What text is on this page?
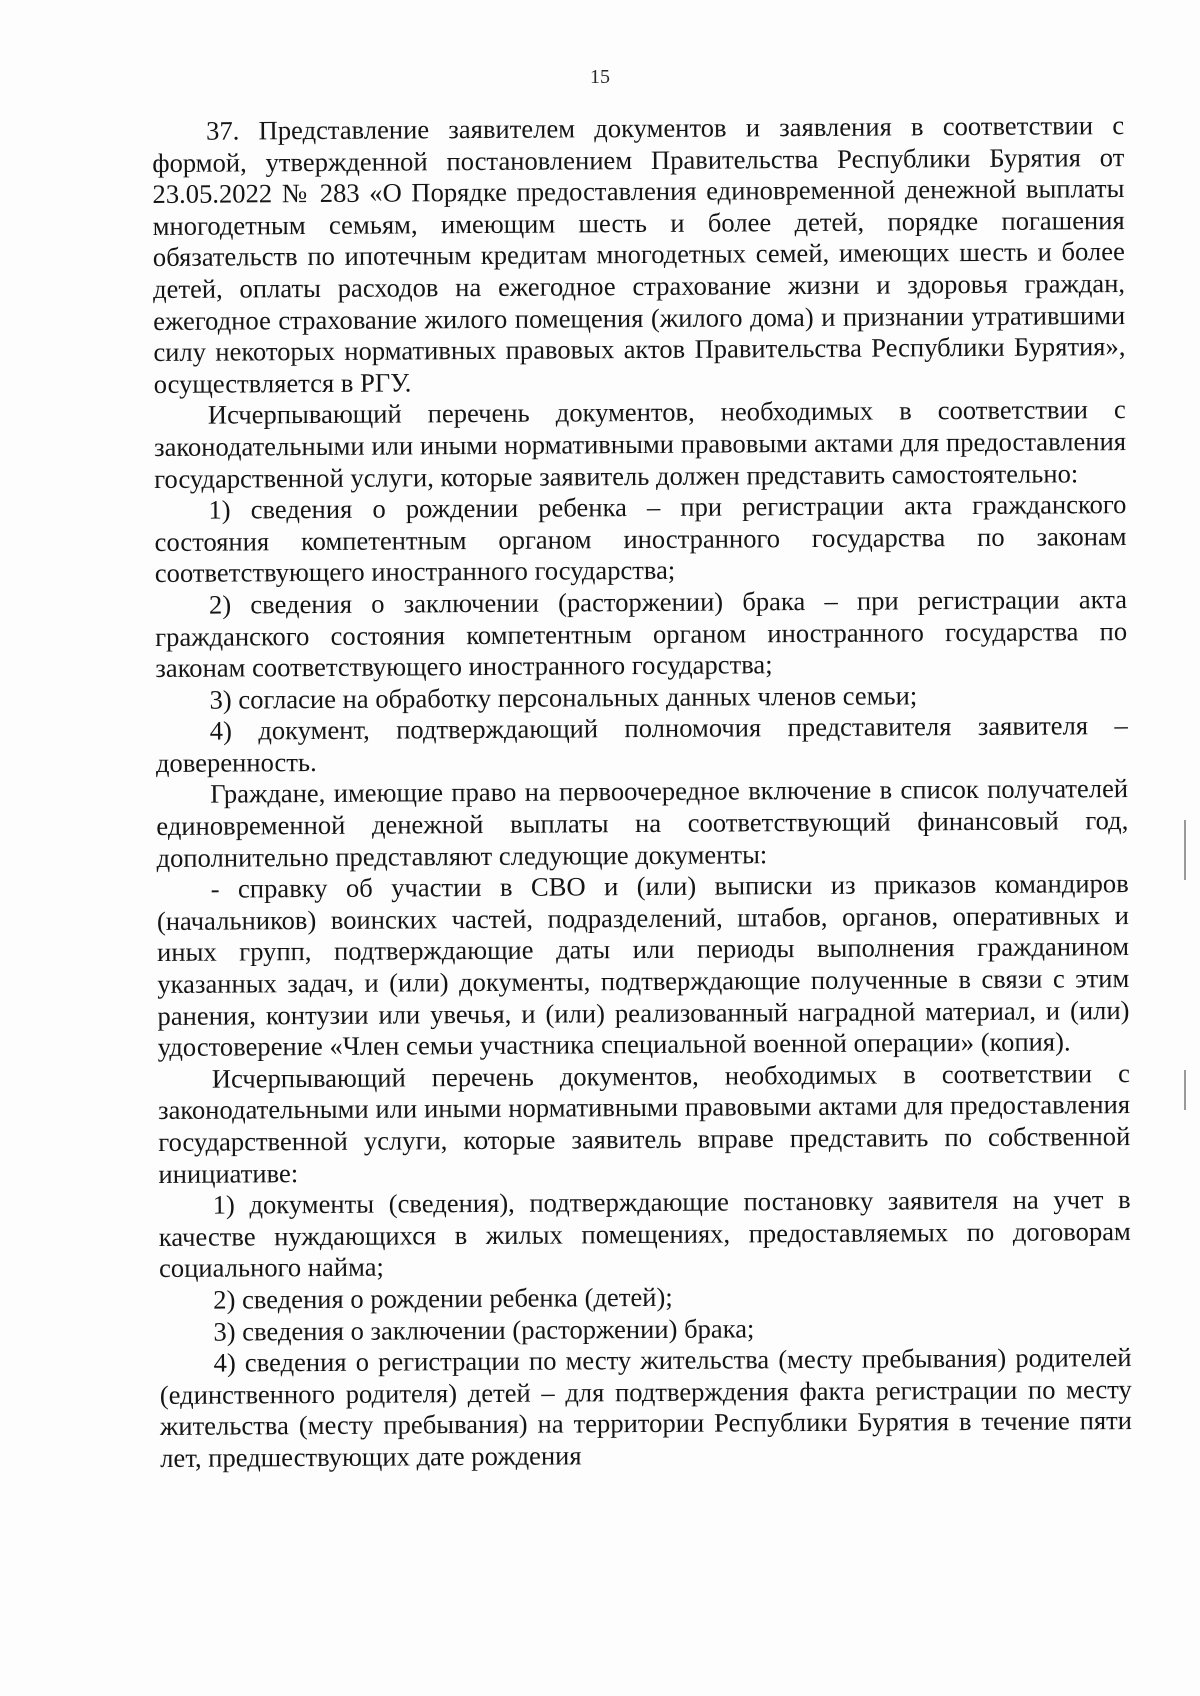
15

37. Представление заявителем документов и заявления в соответствии с формой, утвержденной постановлением Правительства Республики Бурятия от 23.05.2022 № 283 «О Порядке предоставления единовременной денежной выплаты многодетным семьям, имеющим шесть и более детей, порядке погашения обязательств по ипотечным кредитам многодетных семей, имеющих шесть и более детей, оплаты расходов на ежегодное страхование жизни и здоровья граждан, ежегодное страхование жилого помещения (жилого дома) и признании утратившими силу некоторых нормативных правовых актов Правительства Республики Бурятия», осуществляется в РГУ.

Исчерпывающий перечень документов, необходимых в соответствии с законодательными или иными нормативными правовыми актами для предоставления государственной услуги, которые заявитель должен представить самостоятельно:

1) сведения о рождении ребенка – при регистрации акта гражданского состояния компетентным органом иностранного государства по законам соответствующего иностранного государства;

2) сведения о заключении (расторжении) брака – при регистрации акта гражданского состояния компетентным органом иностранного государства по законам соответствующего иностранного государства;

3) согласие на обработку персональных данных членов семьи;

4) документ, подтверждающий полномочия представителя заявителя – доверенность.

Граждане, имеющие право на первоочередное включение в список получателей единовременной денежной выплаты на соответствующий финансовый год, дополнительно представляют следующие документы:

- справку об участии в СВО и (или) выписки из приказов командиров (начальников) воинских частей, подразделений, штабов, органов, оперативных и иных групп, подтверждающие даты или периоды выполнения гражданином указанных задач, и (или) документы, подтверждающие полученные в связи с этим ранения, контузии или увечья, и (или) реализованный наградной материал, и (или) удостоверение «Член семьи участника специальной военной операции» (копия).

Исчерпывающий перечень документов, необходимых в соответствии с законодательными или иными нормативными правовыми актами для предоставления государственной услуги, которые заявитель вправе представить по собственной инициативе:

1) документы (сведения), подтверждающие постановку заявителя на учет в качестве нуждающихся в жилых помещениях, предоставляемых по договорам социального найма;

2) сведения о рождении ребенка (детей);

3) сведения о заключении (расторжении) брака;

4) сведения о регистрации по месту жительства (месту пребывания) родителей (единственного родителя) детей – для подтверждения факта регистрации по месту жительства (месту пребывания) на территории Республики Бурятия в течение пяти лет, предшествующих дате рождения
